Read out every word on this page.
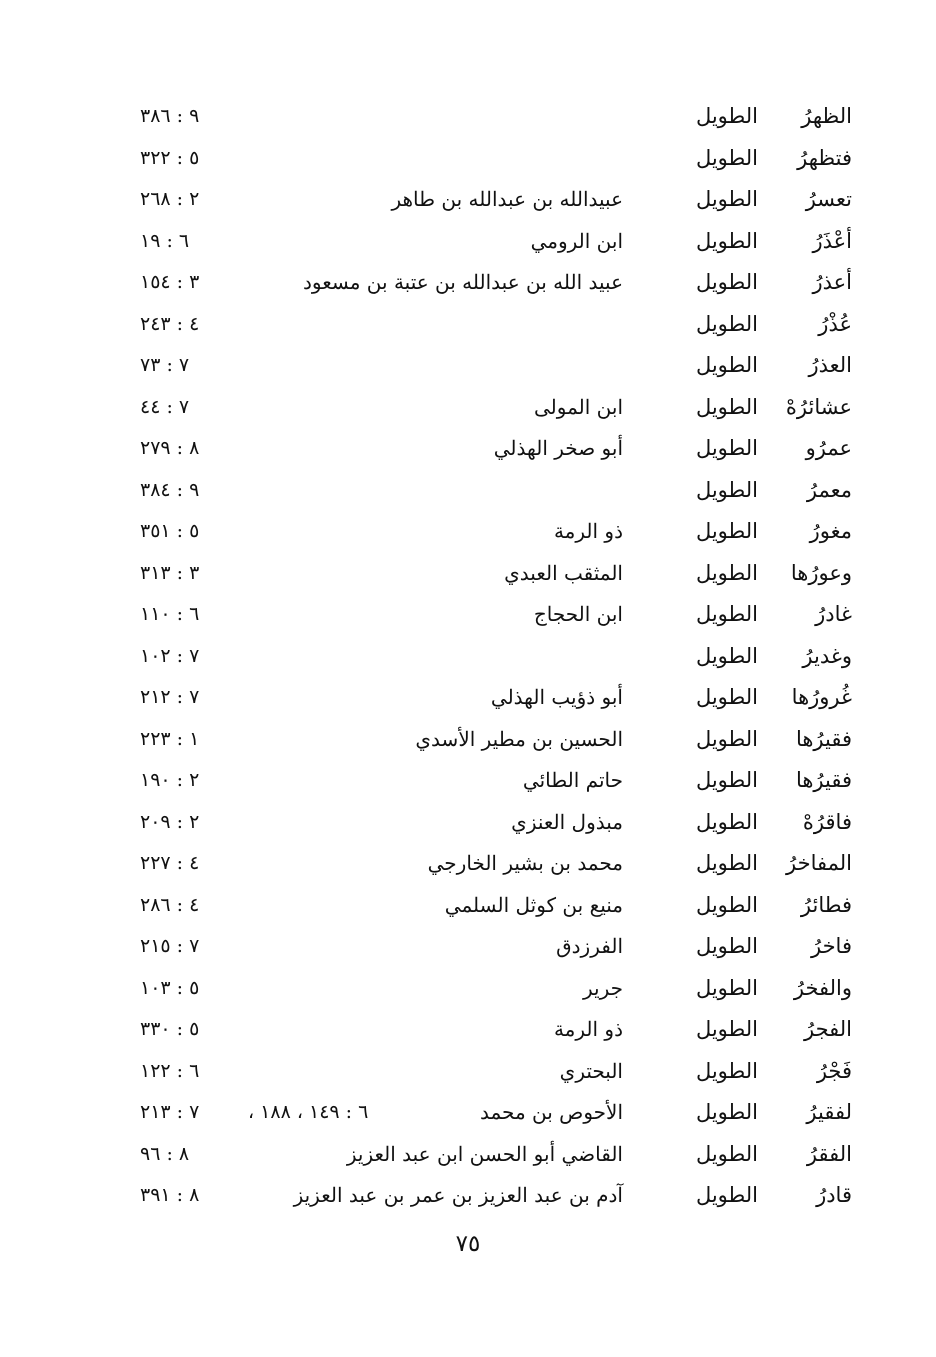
الظهرُ
الطويل
٩ : ٣٨٦
فتظهرُ
الطويل
٥ : ٣٢٢
تعسرُ
الطويل
عبيدالله بن عبدالله بن طاهر
٢ : ٢٦٨
أعْذَرُ
الطويل
ابن الرومي
٦ : ١٩
أعذرُ
الطويل
عبيد الله بن عبدالله بن عتبة بن مسعود
٣ : ١٥٤
عُذْرُ
الطويل
٤ : ٢٤٣
العذرُ
الطويل
٧ : ٧٣
عشائرُهْ
الطويل
ابن المولى
٧ : ٤٤
عمرُو
الطويل
أبو صخر الهذلي
٨ : ٢٧٩
معمرُ
الطويل
٩ : ٣٨٤
مغورُ
الطويل
ذو الرمة
٥ : ٣٥١
وعورُها
الطويل
المثقب العبدي
٣ : ٣١٣
غادرُ
الطويل
ابن الحجاج
٦ : ١١٠
وغديرُ
الطويل
٧ : ١٠٢
غُرورُها
الطويل
أبو ذؤيب الهذلي
٧ : ٢١٢
فقيرُها
الطويل
الحسين بن مطير الأسدي
١ : ٢٢٣
فقيرُها
الطويل
حاتم الطائي
٢ : ١٩٠
فاقرُهْ
الطويل
مبذول العنزي
٢ : ٢٠٩
المفاخرُ
الطويل
محمد بن بشير الخارجي
٤ : ٢٢٧
فطائرُ
الطويل
منيع بن كوثل السلمي
٤ : ٢٨٦
فاخرُ
الطويل
الفرزدق
٧ : ٢١٥
والفخرُ
الطويل
جرير
٥ : ١٠٣
الفجرُ
الطويل
ذو الرمة
٥ : ٣٣٠
فَجْرُ
الطويل
البحتري
٦ : ١٢٢
لفقيرُ
الطويل
الأحوص بن محمد
٦ : ١٤٩ ، ١٨٨ ،
٧ : ٢١٣
الفقرُ
الطويل
القاضي أبو الحسن ابن عبد العزيز
٨ : ٩٦
قادرُ
الطويل
آدم بن عبد العزيز بن عمر بن عبد العزيز
٨ : ٣٩١
٧٥
